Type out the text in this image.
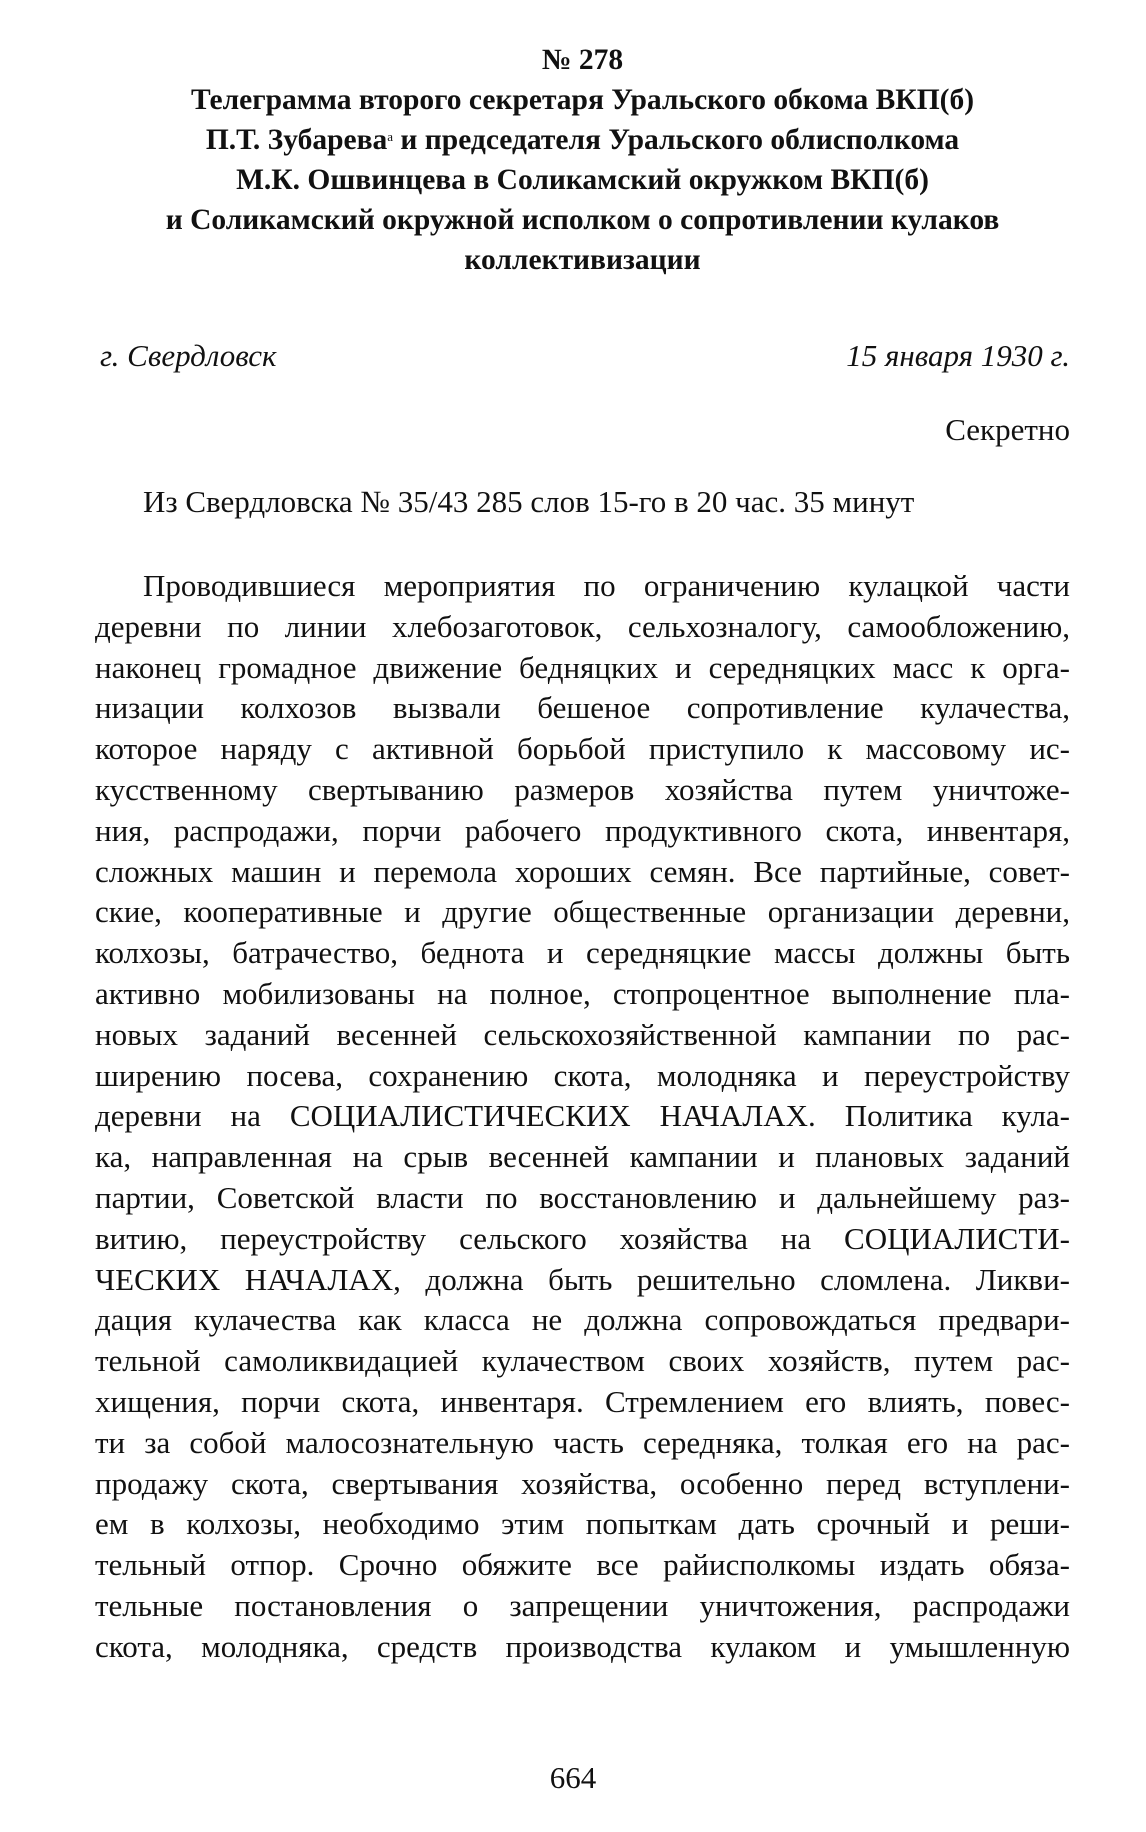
№ 278
Телеграмма второго секретаря Уральского обкома ВКП(б)
П.Т. Зубарева$^a$ и председателя Уральского облисполкома
М.К. Ошвинцева в Соликамский окружком ВКП(б)
и Соликамский окружной исполком о сопротивлении кулаков
коллективизации
г. Свердловск	15 января 1930 г.
Секретно
Из Свердловска № 35/43 285 слов 15-го в 20 час. 35 минут
Проводившиеся мероприятия по ограничению кулацкой части
деревни по линии хлебозаготовок, сельхозналогу, самообложению,
наконец громадное движение бедняцких и середняцких масс к орга-
низации колхозов вызвали бешеное сопротивление кулачества,
которое наряду с активной борьбой приступило к массовому ис-
кусственному свертыванию размеров хозяйства путем уничтоже-
ния, распродажи, порчи рабочего продуктивного скота, инвентаря,
сложных машин и перемола хороших семян. Все партийные, совет-
ские, кооперативные и другие общественные организации деревни,
колхозы, батрачество, беднота и середняцкие массы должны быть
активно мобилизованы на полное, стопроцентное выполнение пла-
новых заданий весенней сельскохозяйственной кампании по рас-
ширению посева, сохранению скота, молодняка и переустройству
деревни на СОЦИАЛИСТИЧЕСКИХ НАЧАЛАХ. Политика кула-
ка, направленная на срыв весенней кампании и плановых заданий
партии, Советской власти по восстановлению и дальнейшему раз-
витию, переустройству сельского хозяйства на СОЦИАЛИСТИ-
ЧЕСКИХ НАЧАЛАХ, должна быть решительно сломлена. Ликви-
дация кулачества как класса не должна сопровождаться предвари-
тельной самоликвидацией кулачеством своих хозяйств, путем рас-
хищения, порчи скота, инвентаря. Стремлением его влиять, повес-
ти за собой малосознательную часть середняка, толкая его на рас-
продажу скота, свертывания хозяйства, особенно перед вступлени-
ем в колхозы, необходимо этим попыткам дать срочный и реши-
тельный отпор. Срочно обяжите все райисполкомы издать обяза-
тельные постановления о запрещении уничтожения, распродажи
скота, молодняка, средств производства кулаком и умышленную
664
